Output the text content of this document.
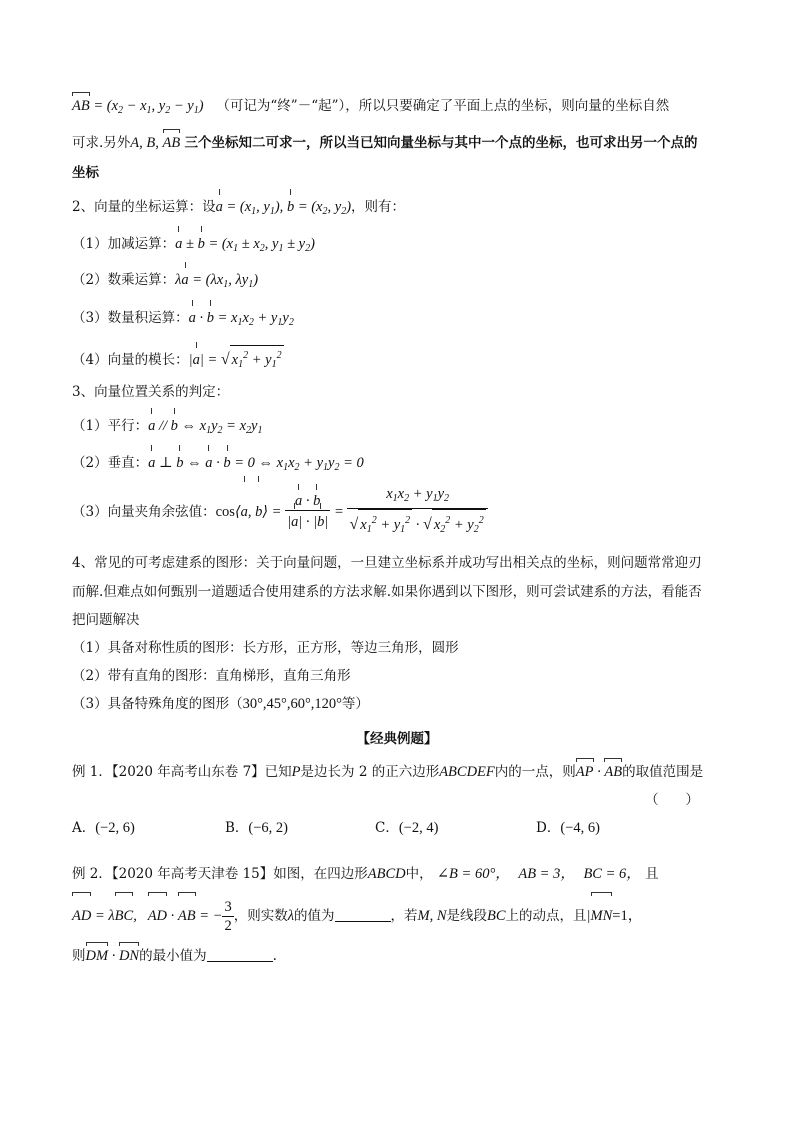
AB = ($x_2 - x_1$, $y_2 - y_1$) （可记为“终”－“起”），所以只要确定了平面上点的坐标，则向量的坐标自然
可求.另外A, B, AB 三个坐标知二可求一，所以当已知向量坐标与其中一个点的坐标，也可求出另一个点的
坐标
2、向量的坐标运算：设$a = (x_1$, $y_1$), $b = (x_2$, $y_2$)，则有：
（1）加减运算：$a \pm b = (x_1 \pm x_2$, $y_1 \pm y_2$)
（2）数乘运算：$\lambda a = (\lambda x_1$, $\lambda y_1$)
（3）数量积运算：$a \cdot b = x_1x_2 + y_1y_2$
（4）向量的模长：|a| = √ $x_1^2 + y_1^2$
3、向量位置关系的判定：
（1）平行：a // b ⇔ $x_1y_2 = x_2y_1$
（2）垂直：a ⊥ b ⇔ a · b = 0 ⇔ $x_1x_2 + y_1y_2 = 0$
（3）向量夹角余弦值：cos⟨a, b⟩ = $\frac{a \cdot b}{|a| \cdot |b|} = \frac{x_1x_2 + y_1y_2}{√ x_1^2 + y_1^2 \cdot √ x_2^2 + y_2^2}$
4、常见的可考虑建系的图形：关于向量问题，一旦建立坐标系并成功写出相关点的坐标，则问题常常迎刃
而解.但难点如何甄别一道题适合使用建系的方法求解.如果你遇到以下图形，则可尝试建系的方法，看能否
把问题解决
（1）具备对称性质的图形：长方形，正方形，等边三角形，圆形
（2）带有直角的图形：直角梯形，直角三角形
（3）具备特殊角度的图形（30°,45°,60°,120°等）
【经典例题】
例 1．【2020 年高考山东卷 7】已知P是边长为 2 的正六边形ABCDEF内的一点，则AP · AB的取值范围是
（　　）
A．(−2, 6)	B．(−6, 2)	C．(−2, 4)	D．(−4, 6)
例 2．【2020 年高考天津卷 15】如图，在四边形ABCD中， ∠B = 60°， AB = 3， BC = 6， 且
AD = λBC,   AD · AB = − $\frac{3}{2}$ ，则实数λ的值为	，若M, N是线段BC上的动点，且|MN=1，
则DM · DN的最小值为	.
